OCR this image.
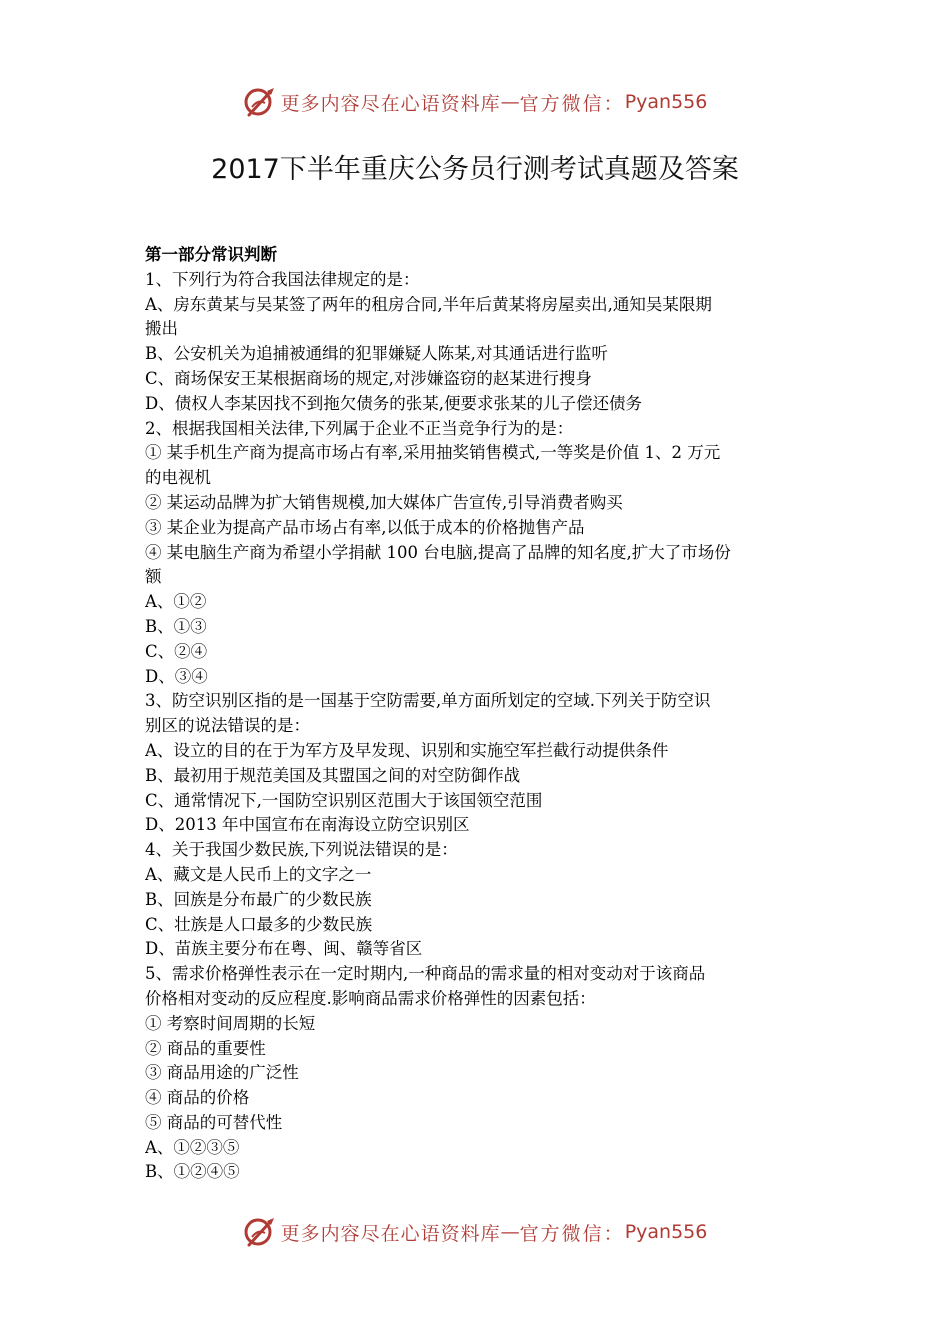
更多内容尽在心语资料库 — 官方微信： Pyan556
2017下半年重庆公务员行测考试真题及答案
第一部分常识判断
1、下列行为符合我国法律规定的是：
A、房东黄某与吴某签了两年的租房合同,半年后黄某将房屋卖出,通知吴某限期
搬出
B、公安机关为追捕被通缉的犯罪嫌疑人陈某,对其通话进行监听
C、商场保安王某根据商场的规定,对涉嫌盗窃的赵某进行搜身
D、债权人李某因找不到拖欠债务的张某,便要求张某的儿子偿还债务
2、根据我国相关法律,下列属于企业不正当竞争行为的是：
① 某手机生产商为提高市场占有率,采用抽奖销售模式,一等奖是价值 1、2 万元
的电视机
② 某运动品牌为扩大销售规模,加大媒体广告宣传,引导消费者购买
③ 某企业为提高产品市场占有率,以低于成本的价格抛售产品
④ 某电脑生产商为希望小学捐献 100 台电脑,提高了品牌的知名度,扩大了市场份
额
A、①②
B、①③
C、②④
D、③④
3、防空识别区指的是一国基于空防需要,单方面所划定的空域.下列关于防空识
别区的说法错误的是：
A、设立的目的在于为军方及早发现、识别和实施空军拦截行动提供条件
B、最初用于规范美国及其盟国之间的对空防御作战
C、通常情况下,一国防空识别区范围大于该国领空范围
D、2013 年中国宣布在南海设立防空识别区
4、关于我国少数民族,下列说法错误的是：
A、藏文是人民币上的文字之一
B、回族是分布最广的少数民族
C、壮族是人口最多的少数民族
D、苗族主要分布在粤、闽、赣等省区
5、需求价格弹性表示在一定时期内,一种商品的需求量的相对变动对于该商品
价格相对变动的反应程度.影响商品需求价格弹性的因素包括：
① 考察时间周期的长短
② 商品的重要性
③ 商品用途的广泛性
④ 商品的价格
⑤ 商品的可替代性
A、①②③⑤
B、①②④⑤
更多内容尽在心语资料库 — 官方微信： Pyan556
